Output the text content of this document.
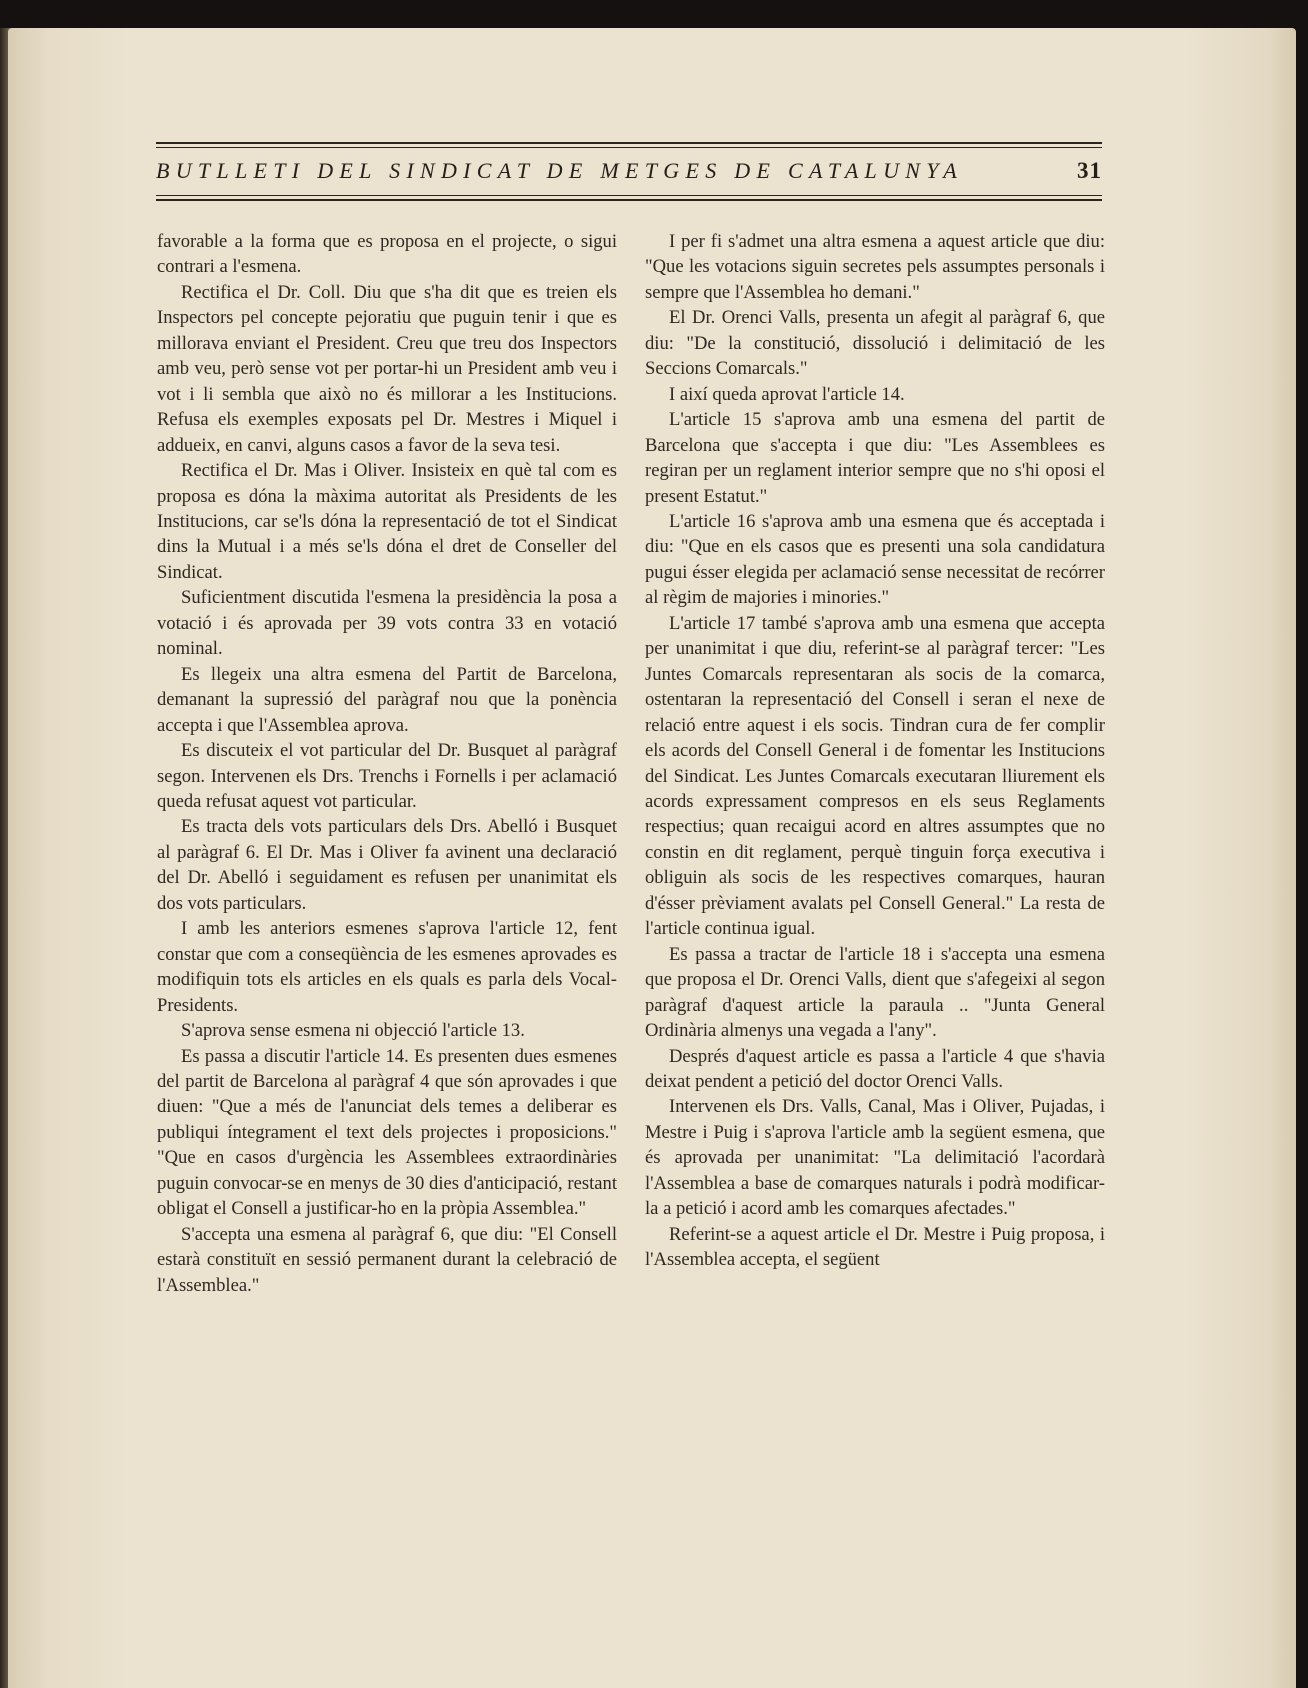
BUTLLETI DEL SINDICAT DE METGES DE CATALUNYA	31

favorable a la forma que es proposa en el projecte, o sigui contrari a l'esmena.

Rectifica el Dr. Coll. Diu que s'ha dit que es treien els Inspectors pel concepte pejoratiu que puguin tenir i que es millorava enviant el President. Creu que treu dos Inspectors amb veu, però sense vot per portar-hi un President amb veu i vot i li sembla que això no és millorar a les Institucions. Refusa els exemples exposats pel Dr. Mestres i Miquel i addueix, en canvi, alguns casos a favor de la seva tesi.

Rectifica el Dr. Mas i Oliver. Insisteix en què tal com es proposa es dóna la màxima autoritat als Presidents de les Institucions, car se'ls dóna la representació de tot el Sindicat dins la Mutual i a més se'ls dóna el dret de Conseller del Sindicat.

Suficientment discutida l'esmena la presidència la posa a votació i és aprovada per 39 vots contra 33 en votació nominal.

Es llegeix una altra esmena del Partit de Barcelona, demanant la supressió del paràgraf nou que la ponència accepta i que l'Assemblea aprova.

Es discuteix el vot particular del Dr. Busquet al paràgraf segon. Intervenen els Drs. Trenchs i Fornells i per aclamació queda refusat aquest vot particular.

Es tracta dels vots particulars dels Drs. Abelló i Busquet al paràgraf 6. El Dr. Mas i Oliver fa avinent una declaració del Dr. Abelló i seguidament es refusen per unanimitat els dos vots particulars.

I amb les anteriors esmenes s'aprova l'article 12, fent constar que com a conseqüència de les esmenes aprovades es modifiquin tots els articles en els quals es parla dels Vocal-Presidents.

S'aprova sense esmena ni objecció l'article 13.

Es passa a discutir l'article 14. Es presenten dues esmenes del partit de Barcelona al paràgraf 4 que són aprovades i que diuen: "Que a més de l'anunciat dels temes a deliberar es publiqui íntegrament el text dels projectes i proposicions." "Que en casos d'urgència les Assemblees extraordinàries puguin convocar-se en menys de 30 dies d'anticipació, restant obligat el Consell a justificar-ho en la pròpia Assemblea."

S'accepta una esmena al paràgraf 6, que diu: "El Consell estarà constituït en sessió permanent durant la celebració de l'Assemblea."

I per fi s'admet una altra esmena a aquest article que diu: "Que les votacions siguin secretes pels assumptes personals i sempre que l'Assemblea ho demani."

El Dr. Orenci Valls, presenta un afegit al paràgraf 6, que diu: "De la constitució, dissolució i delimitació de les Seccions Comarcals."

I així queda aprovat l'article 14.

L'article 15 s'aprova amb una esmena del partit de Barcelona que s'accepta i que diu: "Les Assemblees es regiran per un reglament interior sempre que no s'hi oposi el present Estatut."

L'article 16 s'aprova amb una esmena que és acceptada i diu: "Que en els casos que es presenti una sola candidatura pugui ésser elegida per aclamació sense necessitat de recórrer al règim de majories i minories."

L'article 17 també s'aprova amb una esmena que accepta per unanimitat i que diu, referint-se al paràgraf tercer: "Les Juntes Comarcals representaran als socis de la comarca, ostentaran la representació del Consell i seran el nexe de relació entre aquest i els socis. Tindran cura de fer complir els acords del Consell General i de fomentar les Institucions del Sindicat. Les Juntes Comarcals executaran lliurement els acords expressament compresos en els seus Reglaments respectius; quan recaigui acord en altres assumptes que no constin en dit reglament, perquè tinguin força executiva i obliguin als socis de les respectives comarques, hauran d'ésser prèviament avalats pel Consell General." La resta de l'article continua igual.

Es passa a tractar de l'article 18 i s'accepta una esmena que proposa el Dr. Orenci Valls, dient que s'afegeixi al segon paràgraf d'aquest article la paraula .. "Junta General Ordinària almenys una vegada a l'any".

Després d'aquest article es passa a l'article 4 que s'havia deixat pendent a petició del doctor Orenci Valls.

Intervenen els Drs. Valls, Canal, Mas i Oliver, Pujadas, i Mestre i Puig i s'aprova l'article amb la següent esmena, que és aprovada per unanimitat: "La delimitació l'acordarà l'Assemblea a base de comarques naturals i podrà modificar-la a petició i acord amb les comarques afectades."

Referint-se a aquest article el Dr. Mestre i Puig proposa, i l'Assemblea accepta, el següent
